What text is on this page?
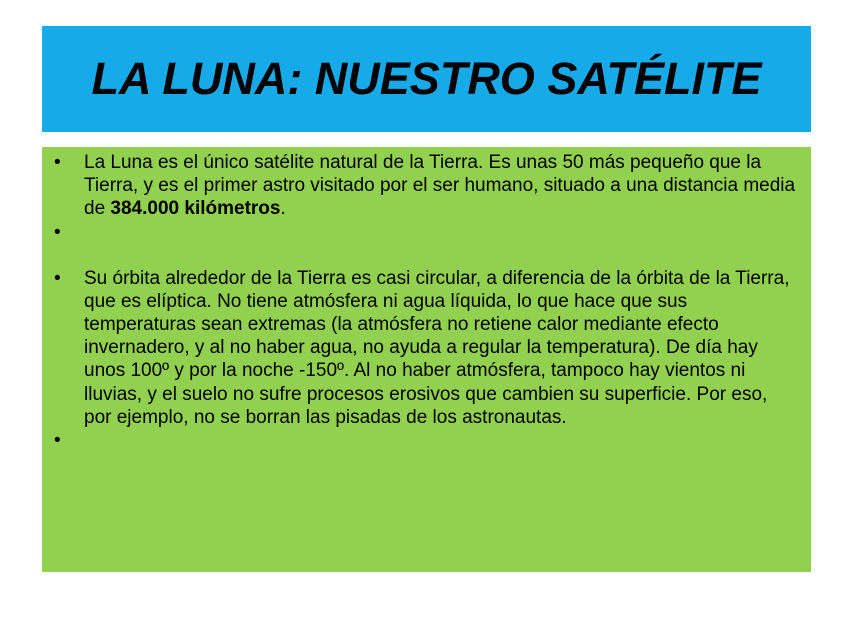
LA LUNA: NUESTRO SATÉLITE
• La Luna es el único satélite natural de la Tierra. Es unas 50 más pequeño que la Tierra, y es el primer astro visitado por el ser humano, situado a una distancia media de 384.000 kilómetros.
•
• Su órbita alrededor de la Tierra es casi circular, a diferencia de la órbita de la Tierra, que es elíptica. No tiene atmósfera ni agua líquida, lo que hace que sus temperaturas sean extremas (la atmósfera no retiene calor mediante efecto invernadero, y al no haber agua, no ayuda a regular la temperatura). De día hay unos 100º y por la noche -150º. Al no haber atmósfera, tampoco hay vientos ni lluvias, y el suelo no sufre procesos erosivos que cambien su superficie. Por eso, por ejemplo, no se borran las pisadas de los astronautas.
•
